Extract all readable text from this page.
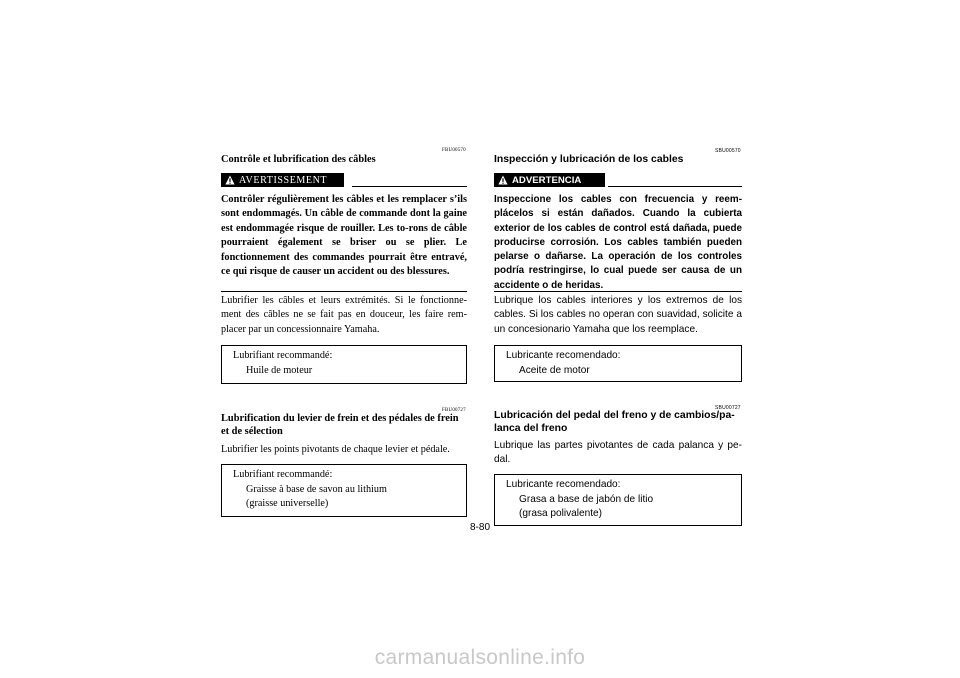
FBU00570
Contrôle et lubrification des câbles
AVERTISSEMENT

Contrôler régulièrement les câbles et les remplacer s’ils sont endommagés. Un câble de commande dont la gaine est endommagée risque de rouiller. Les to-rons de câble pourraient également se briser ou se plier. Le fonctionnement des commandes pourrait être entravé, ce qui risque de causer un accident ou des blessures.

Lubrifier les câbles et leurs extrémités. Si le fonctionne-ment des câbles ne se fait pas en douceur, les faire rem-placer par un concessionnaire Yamaha.

Lubrifiant recommandé:
Huile de moteur
FBU00727
Lubrification du levier de frein et des pédales de frein et de sélection

Lubrifier les points pivotants de chaque levier et pédale.

Lubrifiant recommandé:
Graisse à base de savon au lithium
(graisse universelle)
SBU00570
Inspección y lubricación de los cables
ADVERTENCIA

Inspeccione los cables con frecuencia y reem-plácelos si están dañados. Cuando la cubierta exterior de los cables de control está dañada, puede producirse corrosión. Los cables también pueden pelarse o dañarse. La operación de los controles podría restringirse, lo cual puede ser causa de un accidente o de heridas.

Lubrique los cables interiores y los extremos de los cables. Si los cables no operan con suavidad, solicite a un concesionario Yamaha que los reemplace.

Lubricante recomendado:
Aceite de motor
SBU00727
Lubricación del pedal del freno y de cambios/pa-lanca del freno

Lubrique las partes pivotantes de cada palanca y pe-dal.

Lubricante recomendado:
Grasa a base de jabón de litio
(grasa polivalente)
8-80
carmanualsonline.info
